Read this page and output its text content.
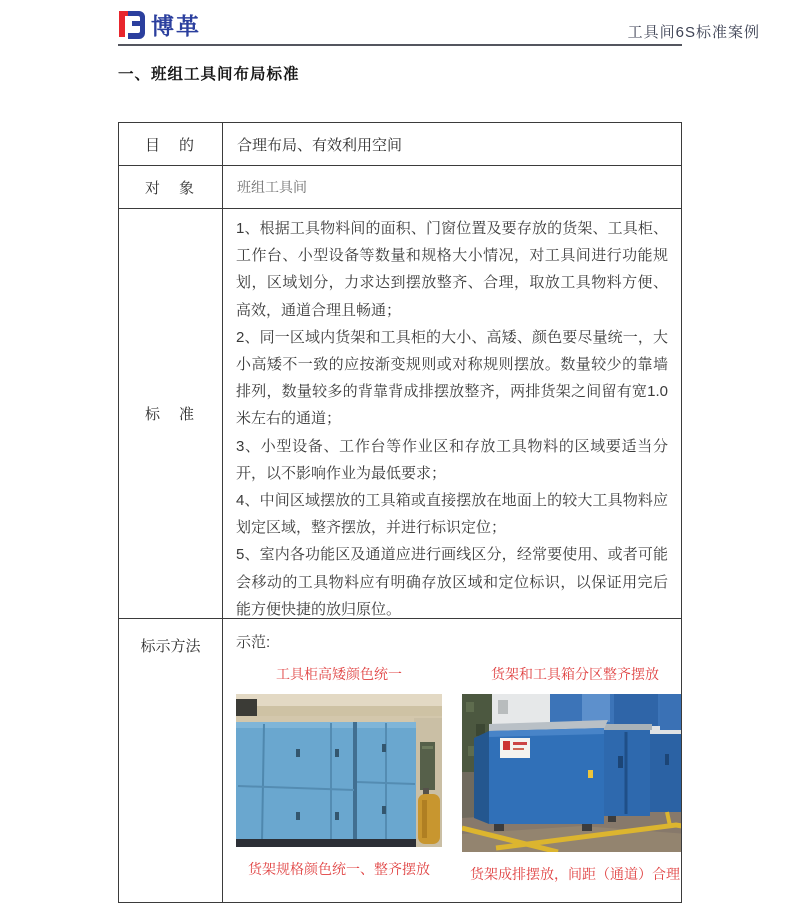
博革	工具间6S标准案例
一、班组工具间布局标准
目　的	合理布局、有效利用空间
对　象	班组工具间
标　准

1、根据工具物料间的面积、门窗位置及要存放的货架、工具柜、工作台、小型设备等数量和规格大小情况，对工具间进行功能规划，区域划分，力求达到摆放整齐、合理，取放工具物料方便、高效，通道合理且畅通；

2、同一区域内货架和工具柜的大小、高矮、颜色要尽量统一，大小高矮不一致的应按渐变规则或对称规则摆放。数量较少的靠墙排列，数量较多的背靠背成排摆放整齐，两排货架之间留有宽1.0米左右的通道；

3、小型设备、工作台等作业区和存放工具物料的区域要适当分开，以不影响作业为最低要求；

4、中间区域摆放的工具箱或直接摆放在地面上的较大工具物料应划定区域，整齐摆放，并进行标识定位；

5、室内各功能区及通道应进行画线区分，经常要使用、或者可能会移动的工具物料应有明确存放区域和定位标识，以保证用完后能方便快捷的放归原位。

标示方法	示范:
工具柜高矮颜色统一
货架规格颜色统一、整齐摆放
货架和工具箱分区整齐摆放
货架成排摆放，间距（通道）合理
